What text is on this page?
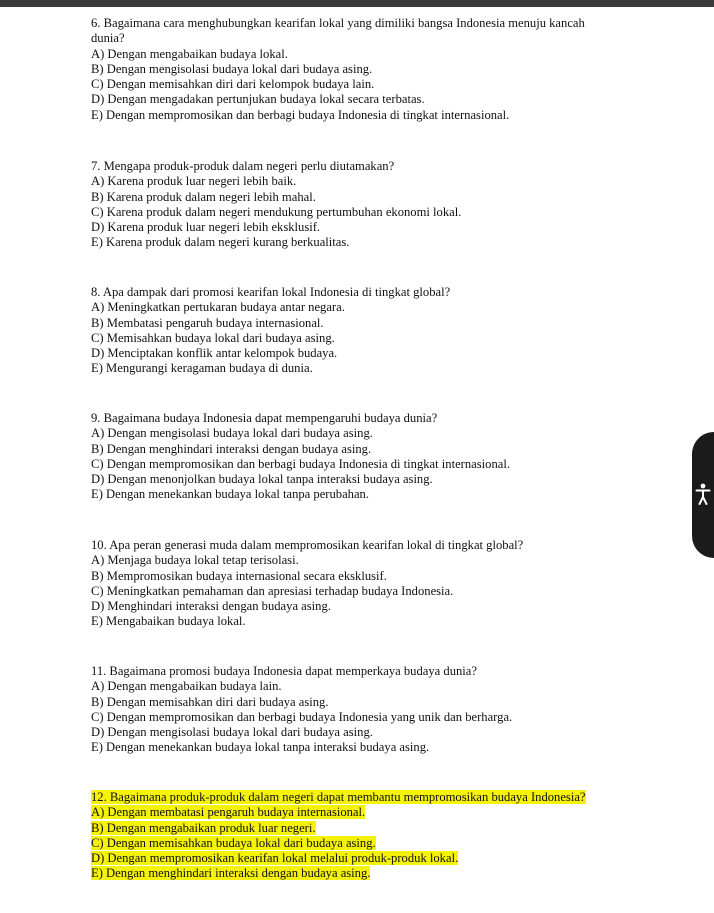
6. Bagaimana cara menghubungkan kearifan lokal yang dimiliki bangsa Indonesia menuju kancah dunia?

A) Dengan mengabaikan budaya lokal.

B) Dengan mengisolasi budaya lokal dari budaya asing.

C) Dengan memisahkan diri dari kelompok budaya lain.

D) Dengan mengadakan pertunjukan budaya lokal secara terbatas.

E) Dengan mempromosikan dan berbagi budaya Indonesia di tingkat internasional.

7. Mengapa produk-produk dalam negeri perlu diutamakan?

A) Karena produk luar negeri lebih baik.

B) Karena produk dalam negeri lebih mahal.

C) Karena produk dalam negeri mendukung pertumbuhan ekonomi lokal.

D) Karena produk luar negeri lebih eksklusif.

E) Karena produk dalam negeri kurang berkualitas.

8. Apa dampak dari promosi kearifan lokal Indonesia di tingkat global?

A) Meningkatkan pertukaran budaya antar negara.

B) Membatasi pengaruh budaya internasional.

C) Memisahkan budaya lokal dari budaya asing.

D) Menciptakan konflik antar kelompok budaya.

E) Mengurangi keragaman budaya di dunia.

9. Bagaimana budaya Indonesia dapat mempengaruhi budaya dunia?

A) Dengan mengisolasi budaya lokal dari budaya asing.

B) Dengan menghindari interaksi dengan budaya asing.

C) Dengan mempromosikan dan berbagi budaya Indonesia di tingkat internasional.

D) Dengan menonjolkan budaya lokal tanpa interaksi budaya asing.

E) Dengan menekankan budaya lokal tanpa perubahan.

10. Apa peran generasi muda dalam mempromosikan kearifan lokal di tingkat global?

A) Menjaga budaya lokal tetap terisolasi.

B) Mempromosikan budaya internasional secara eksklusif.

C) Meningkatkan pemahaman dan apresiasi terhadap budaya Indonesia.

D) Menghindari interaksi dengan budaya asing.

E) Mengabaikan budaya lokal.

11. Bagaimana promosi budaya Indonesia dapat memperkaya budaya dunia?

A) Dengan mengabaikan budaya lain.

B) Dengan memisahkan diri dari budaya asing.

C) Dengan mempromosikan dan berbagi budaya Indonesia yang unik dan berharga.

D) Dengan mengisolasi budaya lokal dari budaya asing.

E) Dengan menekankan budaya lokal tanpa interaksi budaya asing.

12. Bagaimana produk-produk dalam negeri dapat membantu mempromosikan budaya Indonesia?

A) Dengan membatasi pengaruh budaya internasional.

B) Dengan mengabaikan produk luar negeri.

C) Dengan memisahkan budaya lokal dari budaya asing.

D) Dengan mempromosikan kearifan lokal melalui produk-produk lokal.

E) Dengan menghindari interaksi dengan budaya asing.
